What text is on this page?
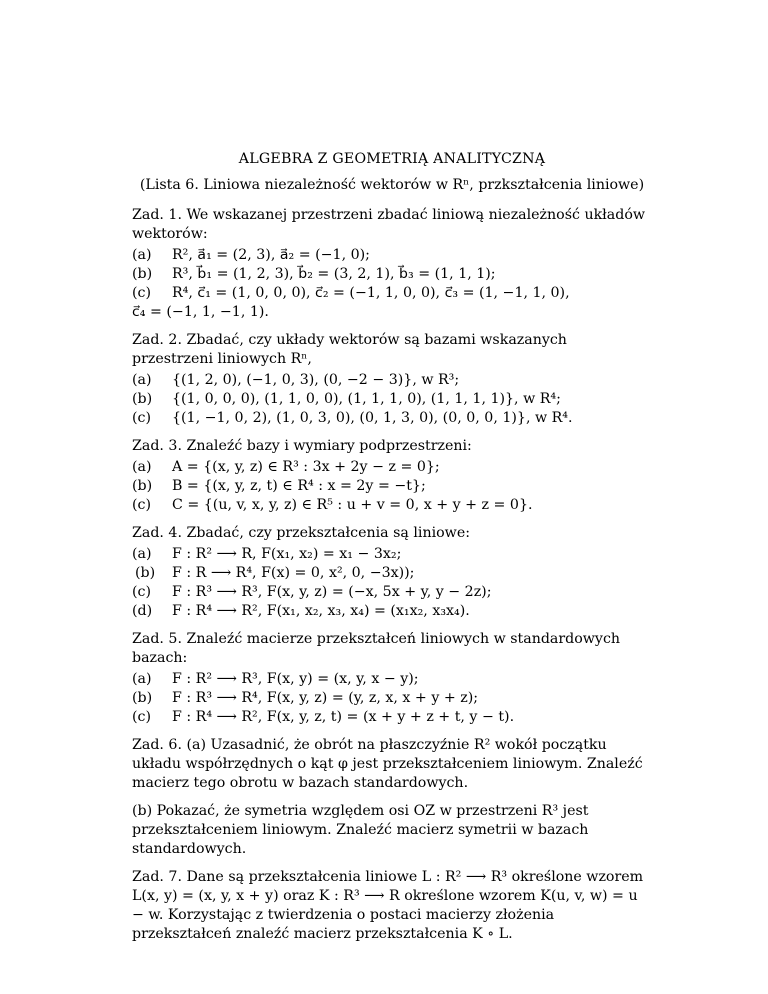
ALGEBRA Z GEOMETRIĄ ANALITYCZNĄ
(Lista 6. Liniowa niezależność wektorów w Rⁿ, przkształcenia liniowe)
Zad. 1. We wskazanej przestrzeni zbadać liniową niezależność układów wektorów:
(a)	R², a⃗₁ = (2, 3), a⃗₂ = (−1, 0);
(b)	R³, b⃗₁ = (1, 2, 3), b⃗₂ = (3, 2, 1), b⃗₃ = (1, 1, 1);
(c)	R⁴, c⃗₁ = (1, 0, 0, 0), c⃗₂ = (−1, 1, 0, 0), c⃗₃ = (1, −1, 1, 0),
c⃗₄ = (−1, 1, −1, 1).
Zad. 2. Zbadać, czy układy wektorów są bazami wskazanych przestrzeni liniowych Rⁿ,
(a)	{(1, 2, 0), (−1, 0, 3), (0, −2 − 3)}, w R³;
(b)	{(1, 0, 0, 0), (1, 1, 0, 0), (1, 1, 1, 0), (1, 1, 1, 1)}, w R⁴;
(c)	{(1, −1, 0, 2), (1, 0, 3, 0), (0, 1, 3, 0), (0, 0, 0, 1)}, w R⁴.
Zad. 3. Znaleźć bazy i wymiary podprzestrzeni:
(a)	A = {(x, y, z) ∈ R³ : 3x + 2y − z = 0};
(b)	B = {(x, y, z, t) ∈ R⁴ : x = 2y = −t};
(c)	C = {(u, v, x, y, z) ∈ R⁵ : u + v = 0, x + y + z = 0}.
Zad. 4. Zbadać, czy przekształcenia są liniowe:
(a)	F : R² ⟶ R, F(x₁, x₂) = x₁ − 3x₂;
(b)	F : R ⟶ R⁴, F(x) = 0, x², 0, −3x));
(c)	F : R³ ⟶ R³, F(x, y, z) = (−x, 5x + y, y − 2z);
(d)	F : R⁴ ⟶ R², F(x₁, x₂, x₃, x₄) = (x₁x₂, x₃x₄).
Zad. 5. Znaleźć macierze przekształceń liniowych w standardowych bazach:
(a)	F : R² ⟶ R³, F(x, y) = (x, y, x − y);
(b)	F : R³ ⟶ R⁴, F(x, y, z) = (y, z, x, x + y + z);
(c)	F : R⁴ ⟶ R², F(x, y, z, t) = (x + y + z + t, y − t).
Zad. 6. (a) Uzasadnić, że obrót na płaszczyźnie R² wokół początku układu współrzędnych o kąt φ jest przekształceniem liniowym. Znaleźć macierz tego obrotu w bazach standardowych.
(b) Pokazać, że symetria względem osi OZ w przestrzeni R³ jest przekształceniem liniowym. Znaleźć macierz symetrii w bazach standardowych.
Zad. 7. Dane są przekształcenia liniowe L : R² ⟶ R³ określone wzorem L(x, y) = (x, y, x + y) oraz K : R³ ⟶ R określone wzorem K(u, v, w) = u − w. Korzystając z twierdzenia o postaci macierzy złożenia przekształceń znaleźć macierz przekształcenia K ∘ L.
